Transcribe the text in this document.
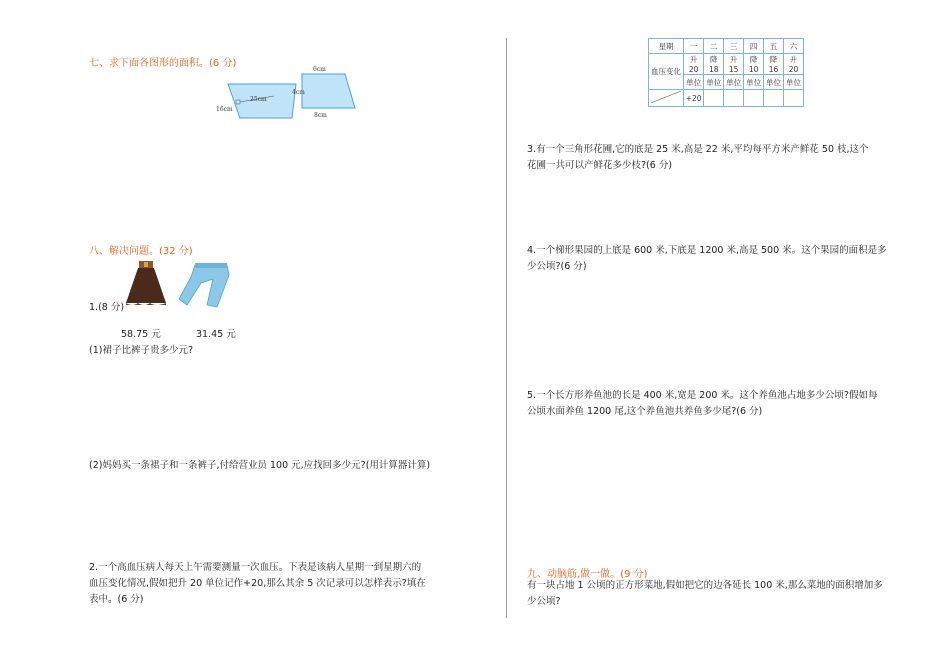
七、求下面各图形的面积。(6 分)
25cm
16cm
6cm
4cm
8cm
八、解决问题。(32 分)
1.(8 分)
58.75 元	31.45 元
(1)裙子比裤子贵多少元?
(2)妈妈买一条裙子和一条裤子,付给营业员 100 元,应找回多少元?(用计算器计算)
2.一个高血压病人每天上午需要测量一次血压。下表是该病人星期一到星期六的
血压变化情况,假如把升 20 单位记作+20,那么其余 5 次记录可以怎样表示?填在
表中。(6 分)
星期	一	二	三	四	五	六
血压变化	升 20	降 18	升 15	降 10	降 16	升 20
	单位	单位	单位	单位	单位	单位
	+20					
3.有一个三角形花圃,它的底是 25 米,高是 22 米,平均每平方米产鲜花 50 枝,这个
花圃一共可以产鲜花多少枝?(6 分)
4.一个梯形果园的上底是 600 米,下底是 1200 米,高是 500 米。这个果园的面积是多
少公顷?(6 分)
5.一个长方形养鱼池的长是 400 米,宽是 200 米。这个养鱼池占地多少公顷?假如每
公顷水面养鱼 1200 尾,这个养鱼池共养鱼多少尾?(6 分)
九、动脑筋,做一做。(9 分)
有一块占地 1 公顷的正方形菜地,假如把它的边各延长 100 米,那么菜地的面积增加多
少公顷?
